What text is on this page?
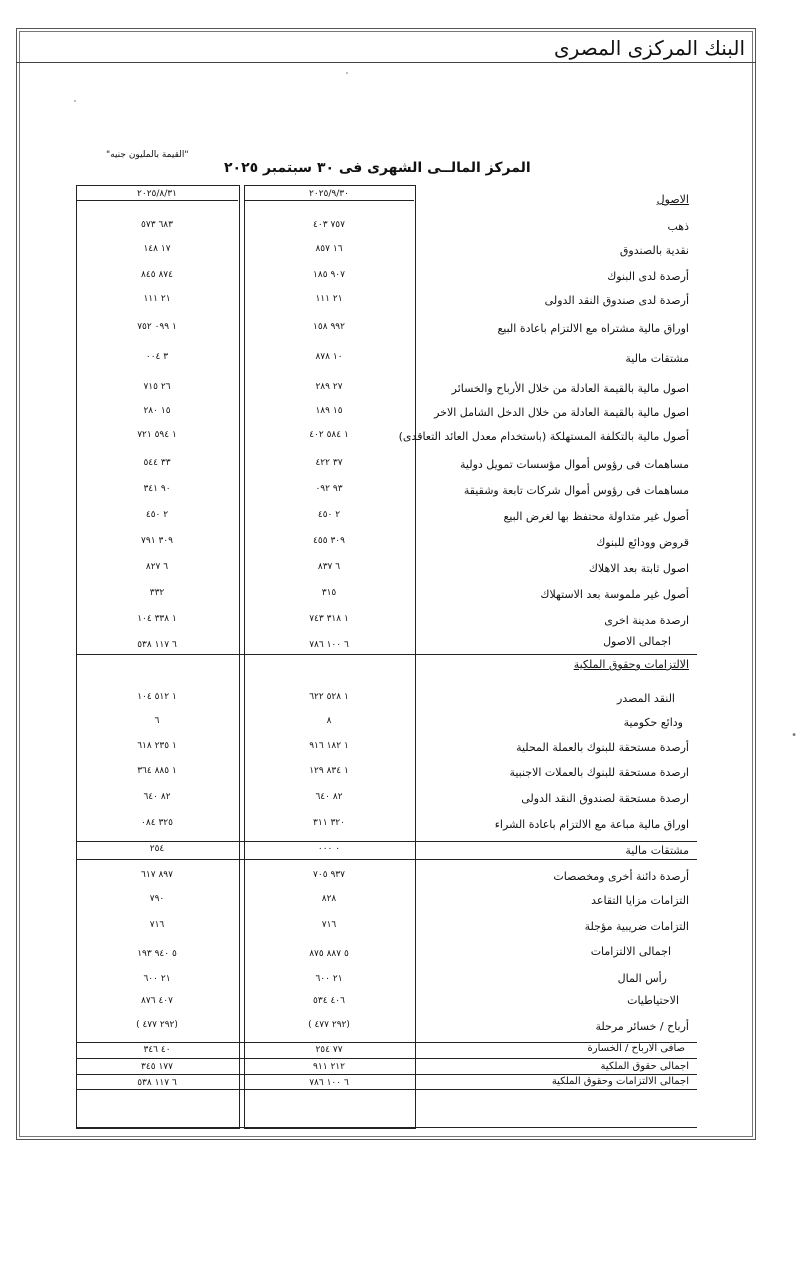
البنك المركزى المصرى
"القيمة بالمليون جنيه"
المركز المالــى الشهرى فى ٣٠ سبتمبر ٢٠٢٥
•
٢٠٢٥/٨/٣١	٢٠٢٥/٩/٣٠	الاصول
ذهب
٧٥٧ ٤٠٣
٦٨٣ ٥٧٣
نقدية بالصندوق
١٦ ٨٥٧
١٧ ١٤٨
أرصدة لدى البنوك
٩٠٧ ١٨٥
٨٧٤ ٨٤٥
أرصدة لدى صندوق النقد الدولى
٢١ ١١١
٢١ ١١١
اوراق مالية مشتراه مع الالتزام باعادة البيع
٩٩٢ ١٥٨
١ ٠٩٩ ٧٥٢
مشتقات مالية
١٠ ٨٧٨
٣ ٠٠٤
اصول مالية بالقيمة العادلة من خلال الأرباح والخسائر
٢٧ ٢٨٩
٢٦ ٧١٥
اصول مالية بالقيمة العادلة من خلال الدخل الشامل الاخر
١٥ ١٨٩
١٥ ٢٨٠
أصول مالية بالتكلفة المستهلكة (باستخدام معدل العائد التعاقدى)
١ ٥٨٤ ٤٠٢
١ ٥٩٤ ٧٢١
مساهمات فى رؤوس أموال مؤسسات تمويل دولية
٣٧ ٤٢٢
٣٣ ٥٤٤
مساهمات فى رؤوس أموال شركات تابعة وشقيقة
٩٣ ٠٩٢
٩٠ ٣٤١
أصول غير متداولة محتفظ بها لغرض البيع
٢ ٤٥٠
٢ ٤٥٠
قروض وودائع للبنوك
٣٠٩ ٤٥٥
٣٠٩ ٧٩١
اصول ثابتة بعد الاهلاك
٦ ٨٣٧
٦ ٨٢٧
أصول غير ملموسة بعد الاستهلاك
٣١٥
٣٣٢
ارصدة مدينة اخرى
١ ٣١٨ ٧٤٣
١ ٣٣٨ ١٠٤
اجمالى الاصول
٦ ١٠٠ ٧٨٦
٦ ١١٧ ٥٣٨
الالتزامات وحقوق الملكية
النقد المصدر
١ ٥٢٨ ٦٢٢
١ ٥١٢ ١٠٤
ودائع حكومية
٨
٦
أرصدة مستحقة للبنوك بالعملة المحلية
١ ١٨٢ ٩١٦
١ ٢٣٥ ٦١٨
ارصدة مستحقة للبنوك بالعملات الاجنبية
١ ٨٣٤ ١٢٩
١ ٨٨٥ ٣٦٤
ارصدة مستحقة لصندوق النقد الدولى
٨٢ ٦٤٠
٨٢ ٦٤٠
اوراق مالية مباعة مع الالتزام باعادة الشراء
٣٢٠ ٣١١
٣٢٥ ٠٨٤
مشتقات مالية
٠ ٠٠٠
٢٥٤
أرصدة دائنة أخرى ومخصصات
٩٣٧ ٧٠٥
٨٩٧ ٦١٧
التزامات مزايا التقاعد
٨٢٨
٧٩٠
التزامات ضريبية مؤجلة
٧١٦
٧١٦
اجمالى الالتزامات
٥ ٨٨٧ ٨٧٥
٥ ٩٤٠ ١٩٣
رأس المال
٢١ ٦٠٠
٢١ ٦٠٠
الاحتياطيات
٤٠٦ ٥٣٤
٤٠٧ ٨٧٦
أرباح / خسائر مرحلة
( ٢٩٢ ٤٧٧)
( ٢٩٢ ٤٧٧)
صافى الارباح / الخسارة
٧٧ ٢٥٤
٤٠ ٣٤٦
اجمالى حقوق الملكية
٢١٢ ٩١١
١٧٧ ٣٤٥
اجمالى الالتزامات وحقوق الملكية
٦ ١٠٠ ٧٨٦
٦ ١١٧ ٥٣٨
